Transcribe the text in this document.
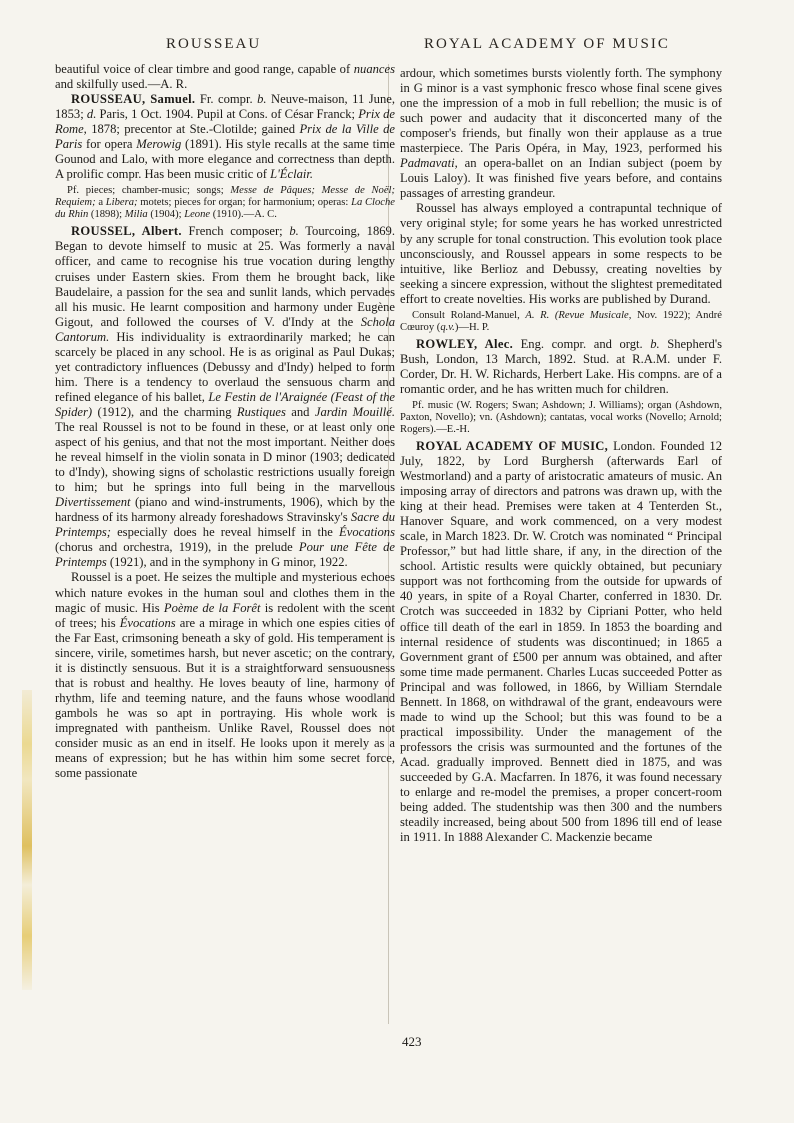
ROUSSEAU	ROYAL ACADEMY OF MUSIC

beautiful voice of clear timbre and good range, capable of nuances and skilfully used.—A. R.

ROUSSEAU, Samuel. Fr. compr. b. Neuve-maison, 11 June, 1853; d. Paris, 1 Oct. 1904. Pupil at Cons. of César Franck; Prix de Rome, 1878; precentor at Ste.-Clotilde; gained Prix de la Ville de Paris for opera Merowig (1891). His style recalls at the same time Gounod and Lalo, with more elegance and correctness than depth. A prolific compr. Has been music critic of L'Éclair.

Pf. pieces; chamber-music; songs; Messe de Pâques; Messe de Noël; Requiem; a Libera; motets; pieces for organ; for harmonium; operas: La Cloche du Rhin (1898); Milia (1904); Leone (1910).—A. C.

ROUSSEL, Albert. French composer; b. Tourcoing, 1869. Began to devote himself to music at 25. Was formerly a naval officer, and came to recognise his true vocation during lengthy cruises under Eastern skies. From them he brought back, like Baudelaire, a passion for the sea and sunlit lands, which pervades all his music. He learnt composition and harmony under Eugène Gigout, and followed the courses of V. d'Indy at the Schola Cantorum. His individuality is extraordinarily marked; he can scarcely be placed in any school. He is as original as Paul Dukas; yet contradictory influences (Debussy and d'Indy) helped to form him. There is a tendency to overlaud the sensuous charm and refined elegance of his ballet, Le Festin de l'Araignée (Feast of the Spider) (1912), and the charming Rustiques and Jardin Mouillé. The real Roussel is not to be found in these, or at least only one aspect of his genius, and that not the most important. Neither does he reveal himself in the violin sonata in D minor (1903; dedicated to d'Indy), showing signs of scholastic restrictions usually foreign to him; but he springs into full being in the marvellous Divertissement (piano and wind-instruments, 1906), which by the hardness of its harmony already foreshadows Stravinsky's Sacre du Printemps; especially does he reveal himself in the Évocations (chorus and orchestra, 1919), in the prelude Pour une Fête de Printemps (1921), and in the symphony in G minor, 1922.

Roussel is a poet. He seizes the multiple and mysterious echoes which nature evokes in the human soul and clothes them in the magic of music. His Poème de la Forêt is redolent with the scent of trees; his Évocations are a mirage in which one espies cities of the Far East, crimsoning beneath a sky of gold. His temperament is sincere, virile, sometimes harsh, but never ascetic; on the contrary, it is distinctly sensuous. But it is a straightforward sensuousness that is robust and healthy. He loves beauty of line, harmony of rhythm, life and teeming nature, and the fauns whose woodland gambols he was so apt in portraying. His whole work is impregnated with pantheism. Unlike Ravel, Roussel does not consider music as an end in itself. He looks upon it merely as a means of expression; but he has within him some secret force, some passionate

ardour, which sometimes bursts violently forth. The symphony in G minor is a vast symphonic fresco whose final scene gives one the impression of a mob in full rebellion; the music is of such power and audacity that it disconcerted many of the composer's friends, but finally won their applause as a true masterpiece. The Paris Opéra, in May, 1923, performed his Padmavati, an opera-ballet on an Indian subject (poem by Louis Laloy). It was finished five years before, and contains passages of arresting grandeur.

Roussel has always employed a contrapuntal technique of very original style; for some years he has worked unrestricted by any scruple for tonal construction. This evolution took place unconsciously, and Roussel appears in some respects to be intuitive, like Berlioz and Debussy, creating novelties by seeking a sincere expression, without the slightest premeditated effort to create novelties. His works are published by Durand.

Consult Roland-Manuel, A. R. (Revue Musicale, Nov. 1922); André Cœuroy (q.v.)—H. P.

ROWLEY, Alec. Eng. compr. and orgt. b. Shepherd's Bush, London, 13 March, 1892. Stud. at R.A.M. under F. Corder, Dr. H. W. Richards, Herbert Lake. His compns. are of a romantic order, and he has written much for children.

Pf. music (W. Rogers; Swan; Ashdown; J. Williams); organ (Ashdown, Paxton, Novello); vn. (Ashdown); cantatas, vocal works (Novello; Arnold; Rogers).—E.-H.

ROYAL ACADEMY OF MUSIC, London. Founded 12 July, 1822, by Lord Burghersh (afterwards Earl of Westmorland) and a party of aristocratic amateurs of music. An imposing array of directors and patrons was drawn up, with the king at their head. Premises were taken at 4 Tenterden St., Hanover Square, and work commenced, on a very modest scale, in March 1823. Dr. W. Crotch was nominated “ Principal Professor,” but had little share, if any, in the direction of the school. Artistic results were quickly obtained, but pecuniary support was not forthcoming from the outside for upwards of 40 years, in spite of a Royal Charter, conferred in 1830. Dr. Crotch was succeeded in 1832 by Cipriani Potter, who held office till death of the earl in 1859. In 1853 the boarding and internal residence of students was discontinued; in 1865 a Government grant of £500 per annum was obtained, and after some time made permanent. Charles Lucas succeeded Potter as Principal and was followed, in 1866, by William Sterndale Bennett. In 1868, on withdrawal of the grant, endeavours were made to wind up the School; but this was found to be a practical impossibility. Under the management of the professors the crisis was surmounted and the fortunes of the Acad. gradually improved. Bennett died in 1875, and was succeeded by G.A. Macfarren. In 1876, it was found necessary to enlarge and re-model the premises, a proper concert-room being added. The studentship was then 300 and the numbers steadily increased, being about 500 from 1896 till end of lease in 1911. In 1888 Alexander C. Mackenzie became

423
